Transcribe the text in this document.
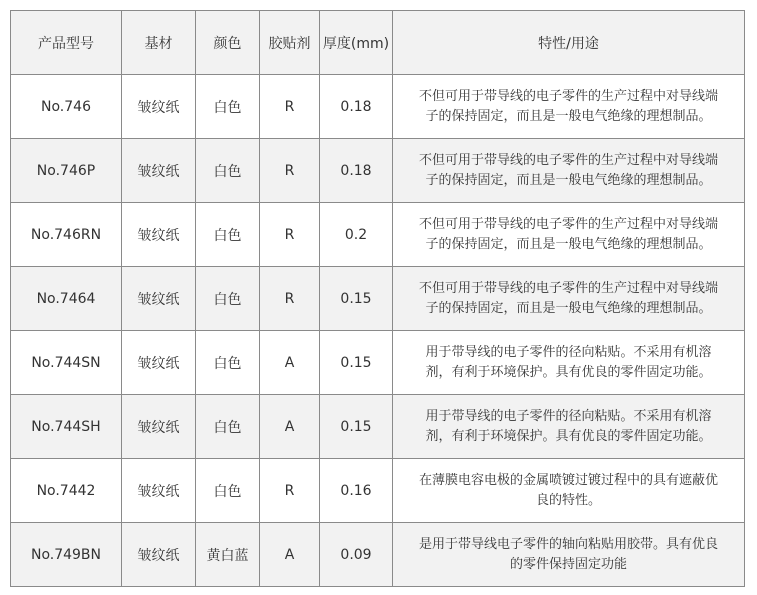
产品型号	基材	颜色	胶贴剂	厚度(mm)	特性/用途
No.746	皱纹纸	白色	R	0.18	不但可用于带导线的电子零件的生产过程中对导线端子的保持固定，而且是一般电气绝缘的理想制品。
No.746P	皱纹纸	白色	R	0.18	不但可用于带导线的电子零件的生产过程中对导线端子的保持固定，而且是一般电气绝缘的理想制品。
No.746RN	皱纹纸	白色	R	0.2	不但可用于带导线的电子零件的生产过程中对导线端子的保持固定，而且是一般电气绝缘的理想制品。
No.7464	皱纹纸	白色	R	0.15	不但可用于带导线的电子零件的生产过程中对导线端子的保持固定，而且是一般电气绝缘的理想制品。
No.744SN	皱纹纸	白色	A	0.15	用于带导线的电子零件的径向粘贴。不采用有机溶剂，有利于环境保护。具有优良的零件固定功能。
No.744SH	皱纹纸	白色	A	0.15	用于带导线的电子零件的径向粘贴。不采用有机溶剂，有利于环境保护。具有优良的零件固定功能。
No.7442	皱纹纸	白色	R	0.16	在薄膜电容电极的金属喷镀过镀过程中的具有遮蔽优良的特性。
No.749BN	皱纹纸	黄白蓝	A	0.09	是用于带导线电子零件的轴向粘贴用胶带。具有优良的零件保持固定功能
